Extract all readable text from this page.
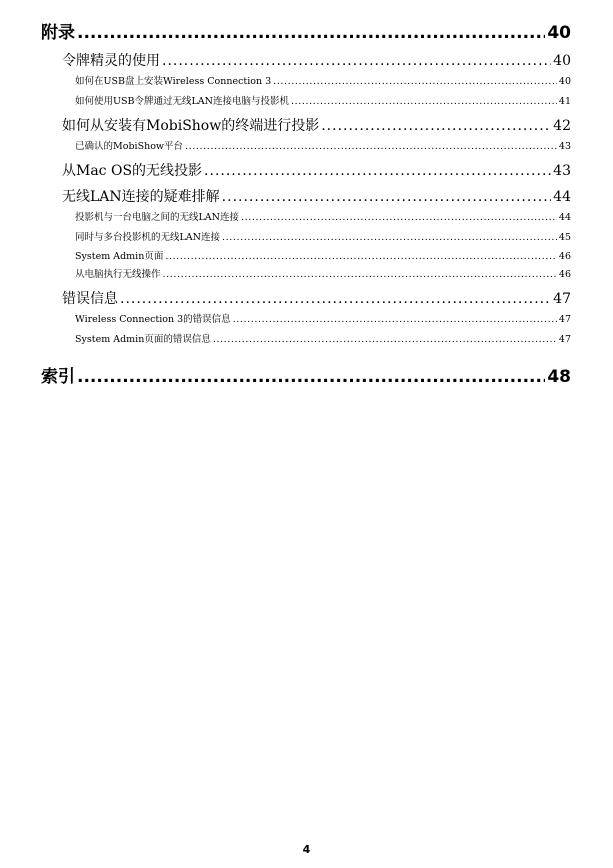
附录 .....	40
令牌精灵的使用 .....	40
如何在USB盘上安装Wireless Connection 3 .....	40
如何使用USB令牌通过无线LAN连接电脑与投影机 .....	41
如何从安装有MobiShow的终端进行投影 .....	42
已确认的MobiShow平台 .....	43
从Mac OS的无线投影 .....	43
无线LAN连接的疑难排解 .....	44
投影机与一台电脑之间的无线LAN连接 .....	44
同时与多台投影机的无线LAN连接 .....	45
System Admin页面 .....	46
从电脑执行无线操作 .....	46
错误信息 .....	47
Wireless Connection 3的错误信息 .....	47
System Admin页面的错误信息 .....	47
索引 .....	48
4
